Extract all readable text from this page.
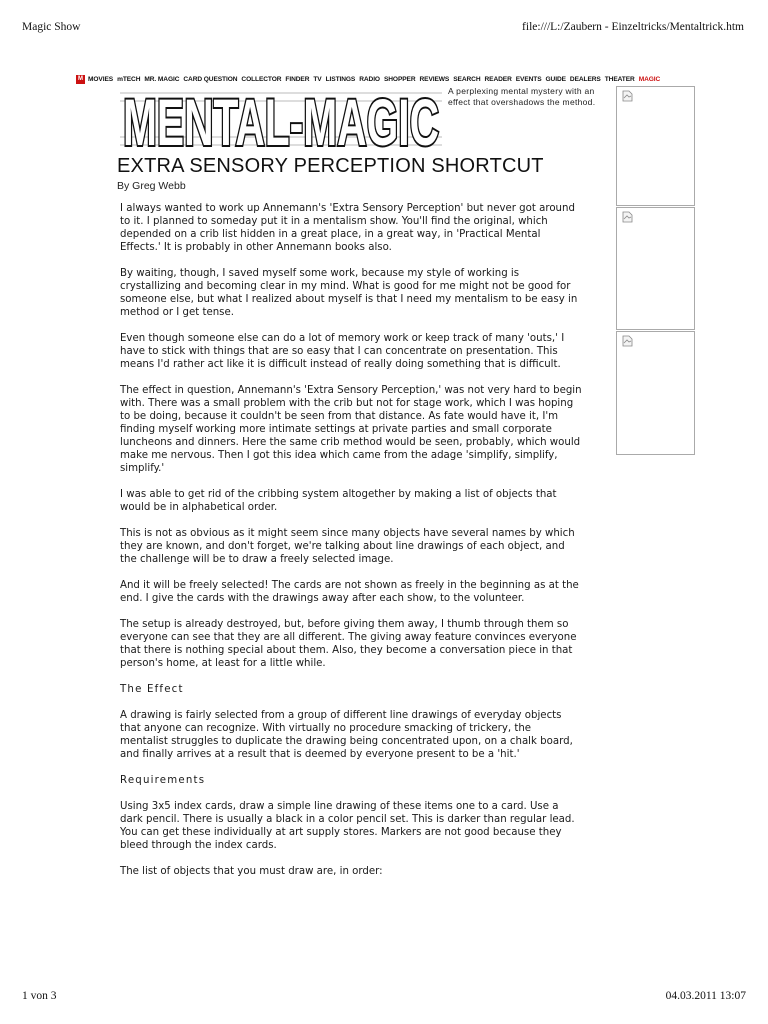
Magic Show	file:///L:/Zaubern - Einzeltricks/Mentaltrick.htm
M MOVIES mTECH MR. MAGIC CARD QUESTION COLLECTOR FINDER TV LISTINGS RADIO SHOPPER REVIEWS SEARCH READER EVENTS GUIDE DEALERS THEATER MAGIC
MENTAL-MAGIC A perplexing mental mystery with an effect that overshadows the method.
EXTRA SENSORY PERCEPTION SHORTCUT
By Greg Webb

I always wanted to work up Annemann's 'Extra Sensory Perception' but never got around to it. I planned to someday put it in a mentalism show. You'll find the original, which depended on a crib list hidden in a great place, in a great way, in 'Practical Mental Effects.' It is probably in other Annemann books also.

By waiting, though, I saved myself some work, because my style of working is crystallizing and becoming clear in my mind. What is good for me might not be good for someone else, but what I realized about myself is that I need my mentalism to be easy in method or I get tense.

Even though someone else can do a lot of memory work or keep track of many 'outs,' I have to stick with things that are so easy that I can concentrate on presentation. This means I'd rather act like it is difficult instead of really doing something that is difficult.

The effect in question, Annemann's 'Extra Sensory Perception,' was not very hard to begin with. There was a small problem with the crib but not for stage work, which I was hoping to be doing, because it couldn't be seen from that distance. As fate would have it, I'm finding myself working more intimate settings at private parties and small corporate luncheons and dinners. Here the same crib method would be seen, probably, which would make me nervous. Then I got this idea which came from the adage 'simplify, simplify, simplify.'

I was able to get rid of the cribbing system altogether by making a list of objects that would be in alphabetical order.

This is not as obvious as it might seem since many objects have several names by which they are known, and don't forget, we're talking about line drawings of each object, and the challenge will be to draw a freely selected image.

And it will be freely selected! The cards are not shown as freely in the beginning as at the end. I give the cards with the drawings away after each show, to the volunteer.

The setup is already destroyed, but, before giving them away, I thumb through them so everyone can see that they are all different. The giving away feature convinces everyone that there is nothing special about them. Also, they become a conversation piece in that person's home, at least for a little while.

The Effect

A drawing is fairly selected from a group of different line drawings of everyday objects that anyone can recognize. With virtually no procedure smacking of trickery, the mentalist struggles to duplicate the drawing being concentrated upon, on a chalk board, and finally arrives at a result that is deemed by everyone present to be a 'hit.'

Requirements

Using 3x5 index cards, draw a simple line drawing of these items one to a card. Use a dark pencil. There is usually a black in a color pencil set. This is darker than regular lead. You can get these individually at art supply stores. Markers are not good because they bleed through the index cards.

The list of objects that you must draw are, in order:

1 von 3	04.03.2011 13:07
